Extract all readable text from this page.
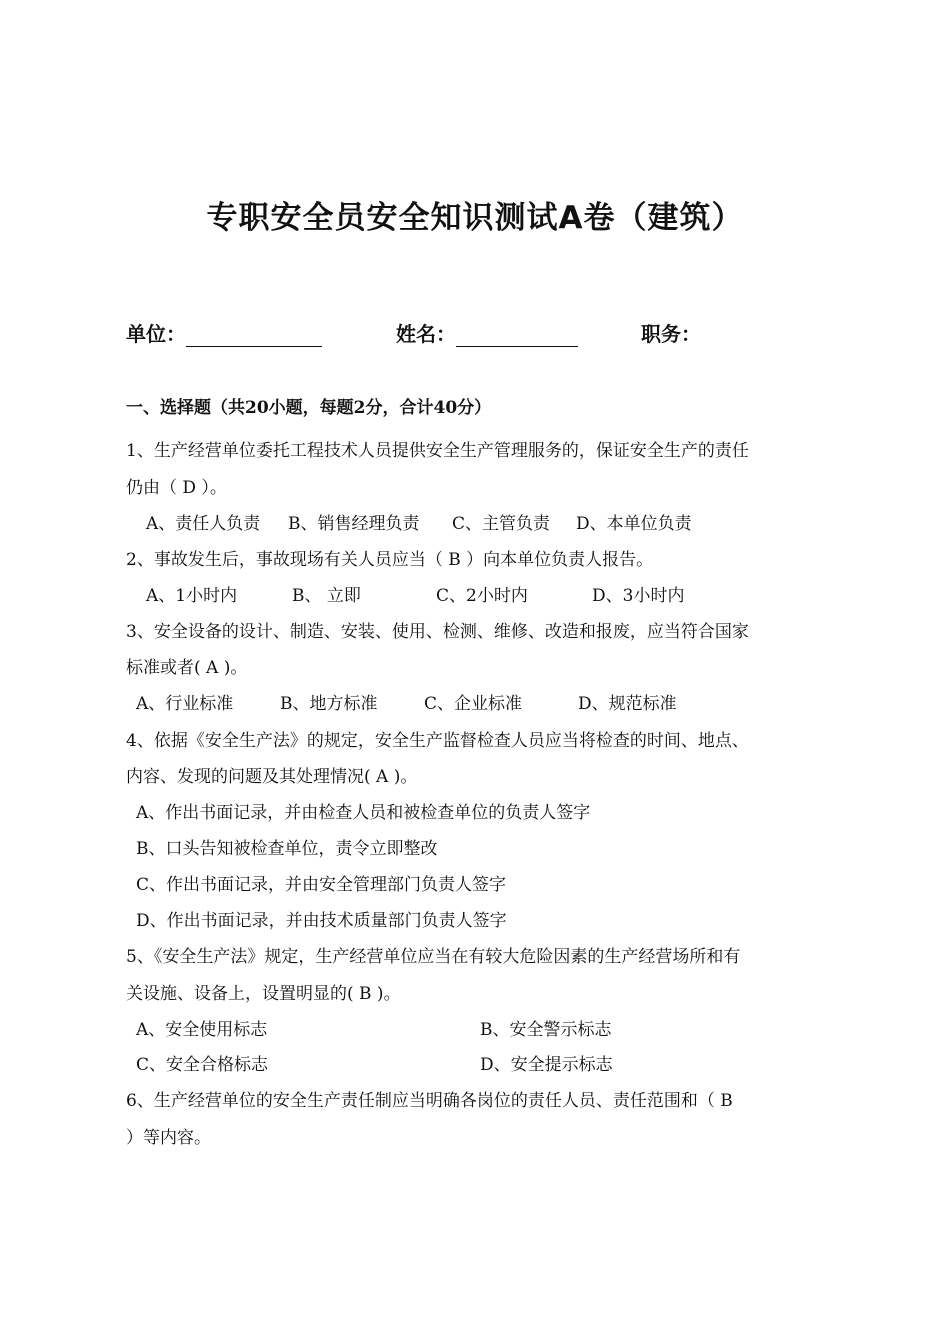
专职安全员安全知识测试A卷（建筑）
单位：	姓名：	职务：
一、选择题（共20小题，每题2分，合计40分）
1、生产经营单位委托工程技术人员提供安全生产管理服务的，保证安全生产的责任
仍由（ D ）。
A、责任人负责 B、销售经理负责 C、主管负责 D、本单位负责
2、事故发生后，事故现场有关人员应当（ B ）向本单位负责人报告。
A、1小时内	B、 立即	C、2小时内	D、3小时内
3、安全设备的设计、制造、安装、使用、检测、维修、改造和报废，应当符合国家
标准或者( A )。
A、行业标准	B、地方标准	C、企业标准	D、规范标准
4、依据《安全生产法》的规定，安全生产监督检查人员应当将检查的时间、地点、
内容、发现的问题及其处理情况( A )。
A、作出书面记录，并由检查人员和被检查单位的负责人签字
B、口头告知被检查单位，责令立即整改
C、作出书面记录，并由安全管理部门负责人签字
D、作出书面记录，并由技术质量部门负责人签字
5、《安全生产法》规定，生产经营单位应当在有较大危险因素的生产经营场所和有
关设施、设备上，设置明显的( B )。
A、安全使用标志	B、安全警示标志
C、安全合格标志	D、安全提示标志
6、生产经营单位的安全生产责任制应当明确各岗位的责任人员、责任范围和（ B
）等内容。
